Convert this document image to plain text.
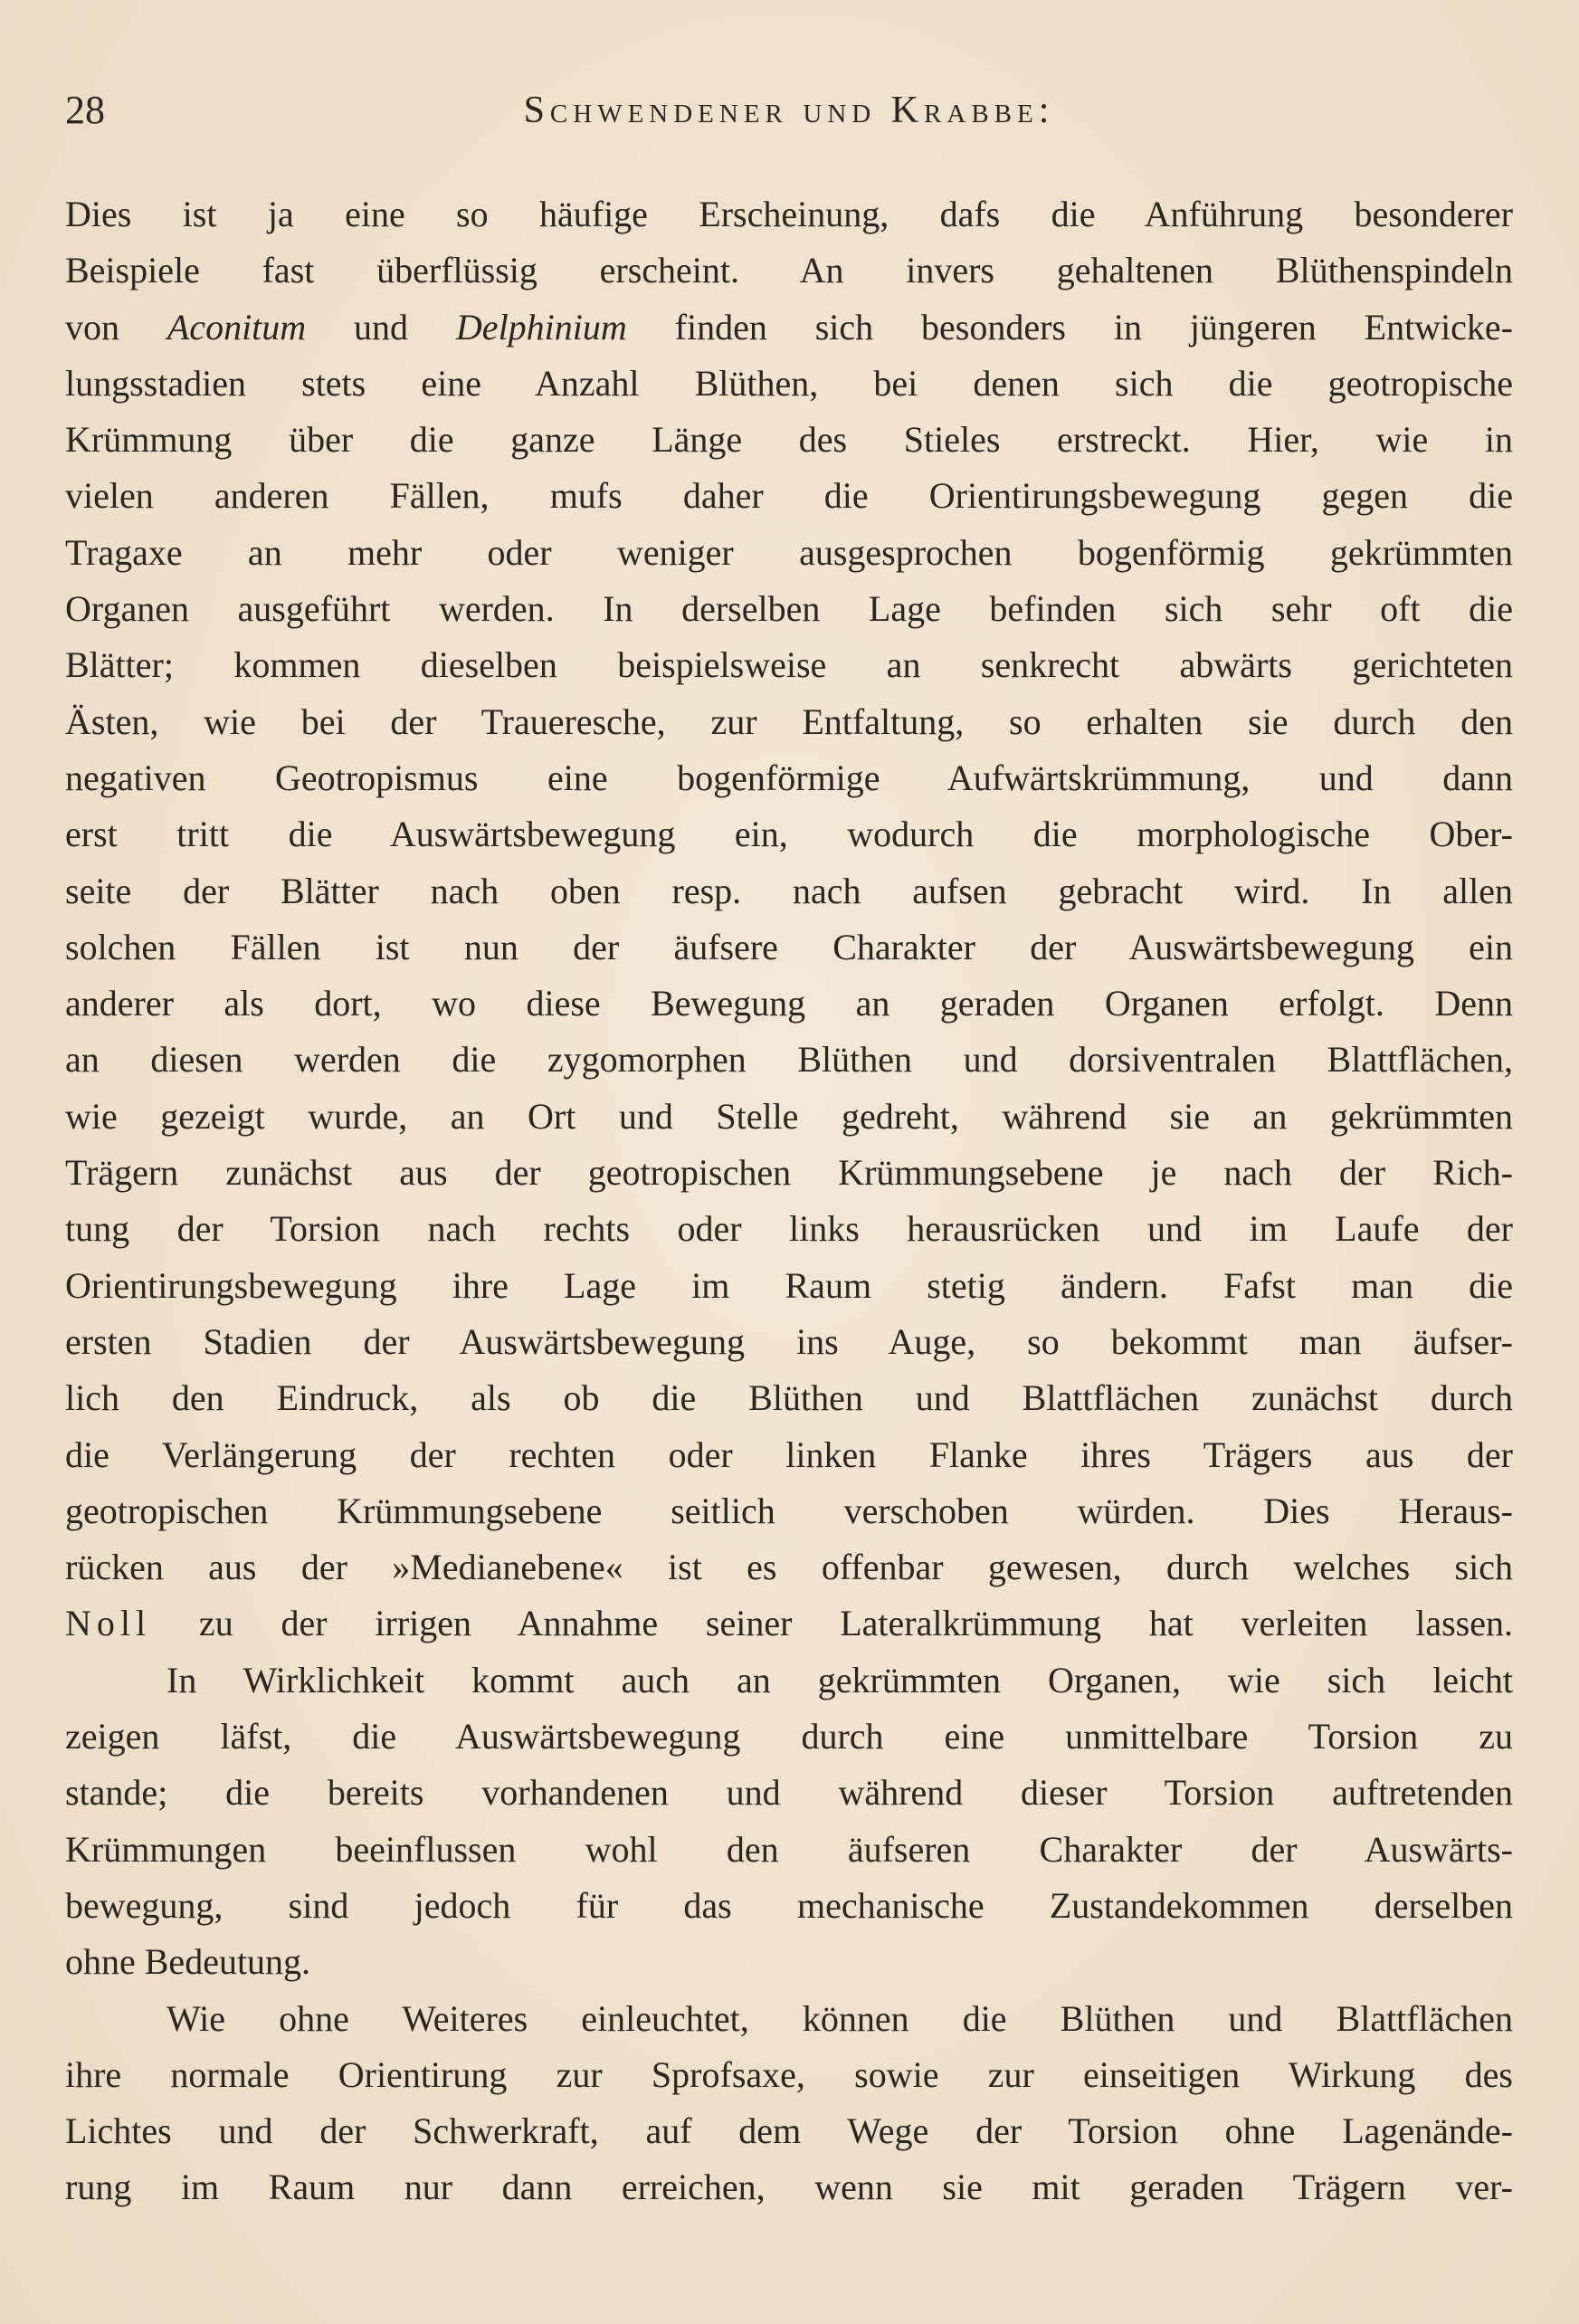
28	Schwendener und Krabbe:
Dies ist ja eine so häufige Erscheinung, dafs die Anführung besonderer
Beispiele fast überflüssig erscheint. An invers gehaltenen Blüthenspindeln
von Aconitum und Delphinium finden sich besonders in jüngeren Entwicke-
lungsstadien stets eine Anzahl Blüthen, bei denen sich die geotropische
Krümmung über die ganze Länge des Stieles erstreckt. Hier, wie in
vielen anderen Fällen, mufs daher die Orientirungsbewegung gegen die
Tragaxe an mehr oder weniger ausgesprochen bogenförmig gekrümmten
Organen ausgeführt werden. In derselben Lage befinden sich sehr oft die
Blätter; kommen dieselben beispielsweise an senkrecht abwärts gerichteten
Ästen, wie bei der Traueresche, zur Entfaltung, so erhalten sie durch den
negativen Geotropismus eine bogenförmige Aufwärtskrümmung, und dann
erst tritt die Auswärtsbewegung ein, wodurch die morphologische Ober-
seite der Blätter nach oben resp. nach aufsen gebracht wird. In allen
solchen Fällen ist nun der äufsere Charakter der Auswärtsbewegung ein
anderer als dort, wo diese Bewegung an geraden Organen erfolgt. Denn
an diesen werden die zygomorphen Blüthen und dorsiventralen Blattflächen,
wie gezeigt wurde, an Ort und Stelle gedreht, während sie an gekrümmten
Trägern zunächst aus der geotropischen Krümmungsebene je nach der Rich-
tung der Torsion nach rechts oder links herausrücken und im Laufe der
Orientirungsbewegung ihre Lage im Raum stetig ändern. Fafst man die
ersten Stadien der Auswärtsbewegung ins Auge, so bekommt man äufser-
lich den Eindruck, als ob die Blüthen und Blattflächen zunächst durch
die Verlängerung der rechten oder linken Flanke ihres Trägers aus der
geotropischen Krümmungsebene seitlich verschoben würden. Dies Heraus-
rücken aus der »Medianebene« ist es offenbar gewesen, durch welches sich
Noll zu der irrigen Annahme seiner Lateralkrümmung hat verleiten lassen.
In Wirklichkeit kommt auch an gekrümmten Organen, wie sich leicht
zeigen läfst, die Auswärtsbewegung durch eine unmittelbare Torsion zu
stande; die bereits vorhandenen und während dieser Torsion auftretenden
Krümmungen beeinflussen wohl den äufseren Charakter der Auswärts-
bewegung, sind jedoch für das mechanische Zustandekommen derselben
ohne Bedeutung.
Wie ohne Weiteres einleuchtet, können die Blüthen und Blattflächen
ihre normale Orientirung zur Sprofsaxe, sowie zur einseitigen Wirkung des
Lichtes und der Schwerkraft, auf dem Wege der Torsion ohne Lagenände-
rung im Raum nur dann erreichen, wenn sie mit geraden Trägern ver-
